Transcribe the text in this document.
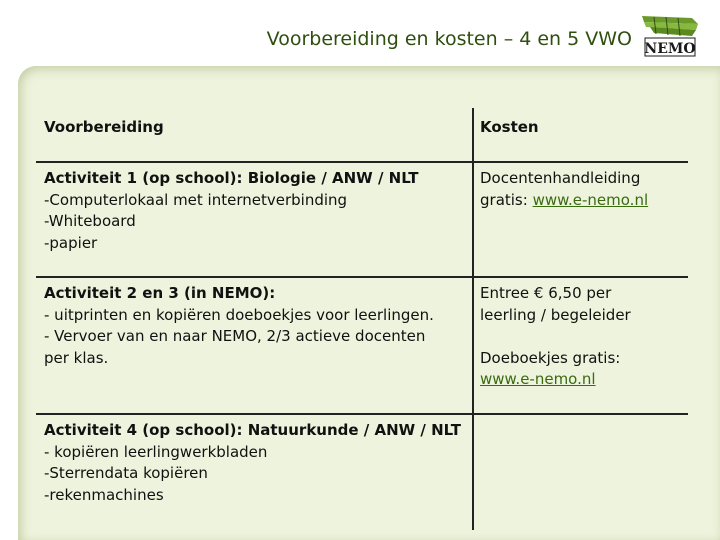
Voorbereiding en kosten – 4 en 5 VWO NEMO
Voorbereiding	Kosten
Activiteit 1 (op school): Biologie / ANW / NLT
-Computerlokaal met internetverbinding
-Whiteboard
-papier
Docentenhandleiding
gratis: www.e-nemo.nl
Activiteit 2 en 3 (in NEMO):
- uitprinten en kopiëren doeboekjes voor leerlingen.
- Vervoer van en naar NEMO, 2/3 actieve docenten
per klas.
Entree € 6,50 per
leerling / begeleider
Doeboekjes gratis:
www.e-nemo.nl
Activiteit 4 (op school): Natuurkunde / ANW / NLT
- kopiëren leerlingwerkbladen
-Sterrendata kopiëren
-rekenmachines
